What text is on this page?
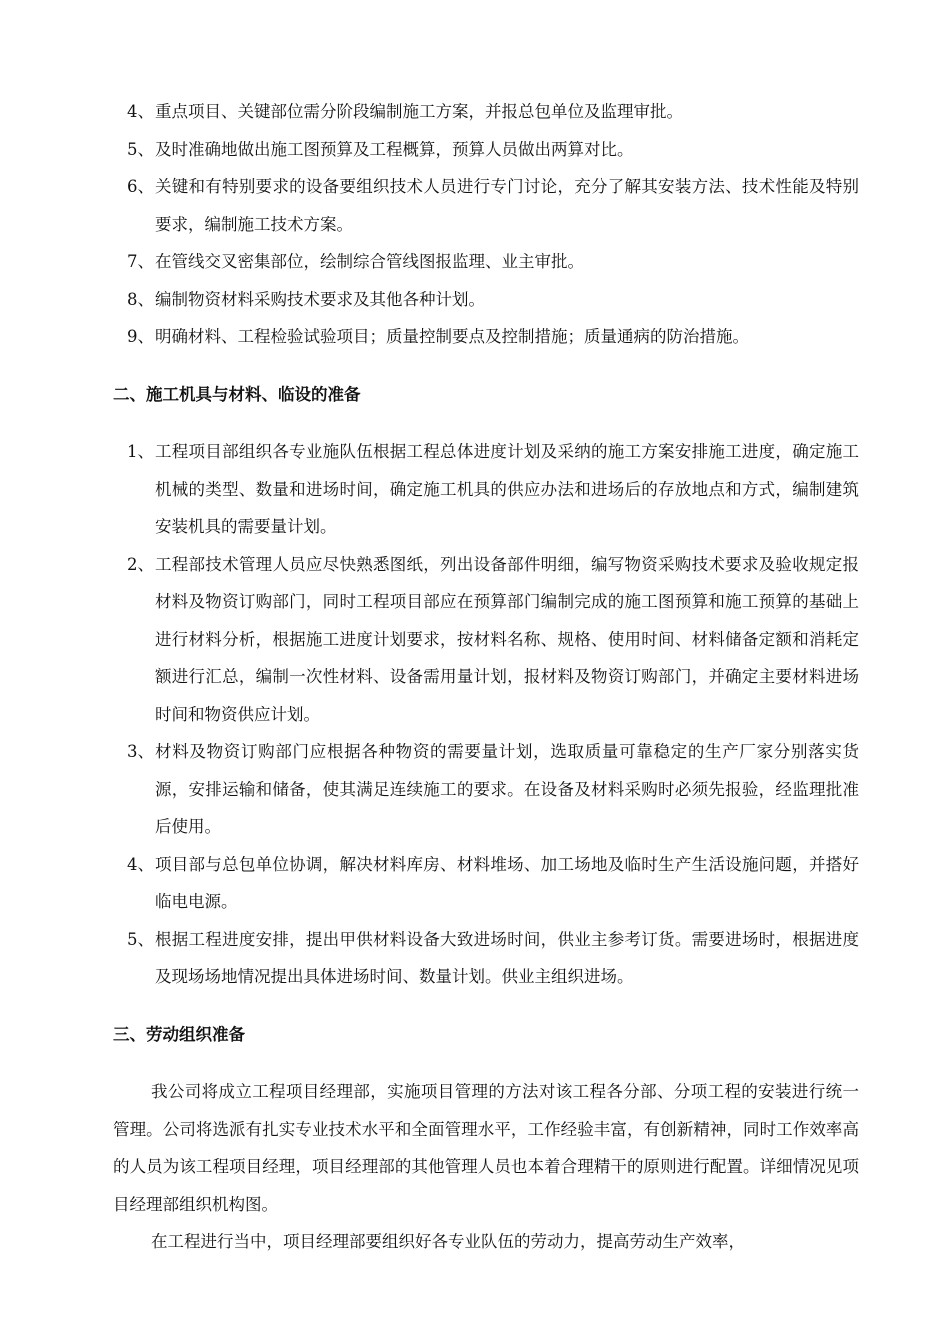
4、 重点项目、关键部位需分阶段编制施工方案，并报总包单位及监理审批。
5、 及时准确地做出施工图预算及工程概算，预算人员做出两算对比。
6、 关键和有特别要求的设备要组织技术人员进行专门讨论，充分了解其安装方法、技术性能及特别要求，编制施工技术方案。
7、 在管线交叉密集部位，绘制综合管线图报监理、业主审批。
8、 编制物资材料采购技术要求及其他各种计划。
9、 明确材料、工程检验试验项目；质量控制要点及控制措施；质量通病的防治措施。
二、施工机具与材料、临设的准备
1、 工程项目部组织各专业施队伍根据工程总体进度计划及采纳的施工方案安排施工进度，确定施工机械的类型、数量和进场时间，确定施工机具的供应办法和进场后的存放地点和方式，编制建筑安装机具的需要量计划。
2、 工程部技术管理人员应尽快熟悉图纸，列出设备部件明细，编写物资采购技术要求及验收规定报材料及物资订购部门，同时工程项目部应在预算部门编制完成的施工图预算和施工预算的基础上进行材料分析，根据施工进度计划要求，按材料名称、规格、使用时间、材料储备定额和消耗定额进行汇总，编制一次性材料、设备需用量计划，报材料及物资订购部门，并确定主要材料进场时间和物资供应计划。
3、 材料及物资订购部门应根据各种物资的需要量计划，选取质量可靠稳定的生产厂家分别落实货源，安排运输和储备，使其满足连续施工的要求。在设备及材料采购时必须先报验，经监理批准后使用。
4、 项目部与总包单位协调，解决材料库房、材料堆场、加工场地及临时生产生活设施问题，并搭好临电电源。
5、 根据工程进度安排，提出甲供材料设备大致进场时间，供业主参考订货。需要进场时，根据进度及现场场地情况提出具体进场时间、数量计划。供业主组织进场。
三、劳动组织准备
我公司将成立工程项目经理部，实施项目管理的方法对该工程各分部、分项工程的安装进行统一管理。公司将选派有扎实专业技术水平和全面管理水平，工作经验丰富，有创新精神，同时工作效率高的人员为该工程项目经理，项目经理部的其他管理人员也本着合理精干的原则进行配置。详细情况见项目经理部组织机构图。
在工程进行当中，项目经理部要组织好各专业队伍的劳动力，提高劳动生产效率，
